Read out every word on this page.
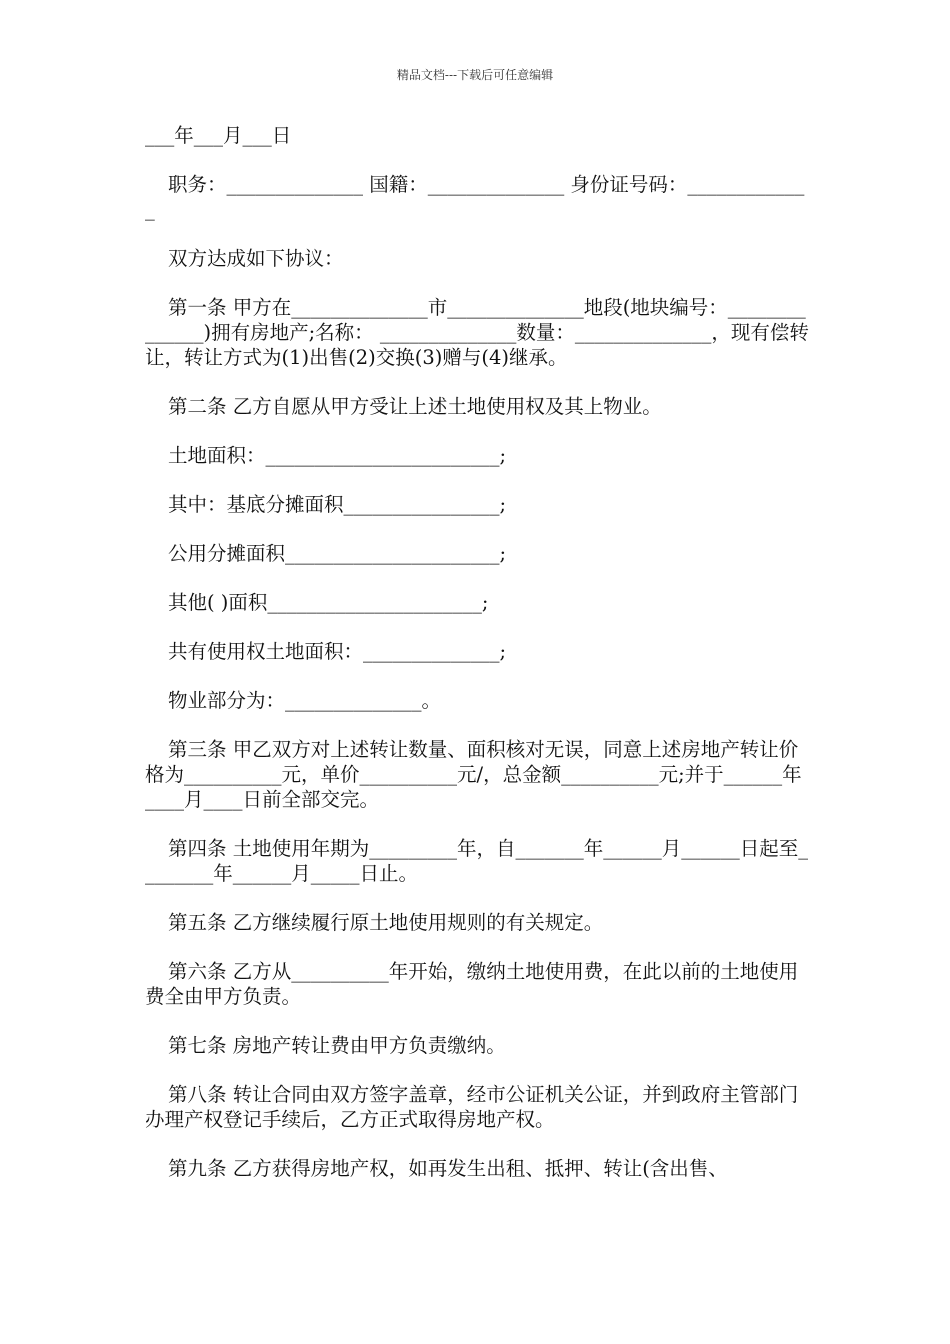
精品文档---下载后可任意编辑

___年___月___日

职务：______________ 国籍：______________ 身份证号码：_____________

双方达成如下协议：

第一条 甲方在______________市______________地段(地块编号：______________)拥有房地产;名称： ______________数量：______________，现有偿转让，转让方式为(1)出售(2)交换(3)赠与(4)继承。

第二条 乙方自愿从甲方受让上述土地使用权及其上物业。

土地面积：________________________;

其中：基底分摊面积________________;

公用分摊面积______________________;

其他( )面积______________________;

共有使用权土地面积：______________;

物业部分为：______________。

第三条 甲乙双方对上述转让数量、面积核对无误，同意上述房地产转让价格为__________元，单价__________元/，总金额__________元;并于______年____月____日前全部交完。

第四条 土地使用年期为_________年，自_______年______月______日起至________年______月_____日止。

第五条 乙方继续履行原土地使用规则的有关规定。

第六条 乙方从__________年开始，缴纳土地使用费，在此以前的土地使用费全由甲方负责。

第七条 房地产转让费由甲方负责缴纳。

第八条 转让合同由双方签字盖章，经市公证机关公证，并到政府主管部门办理产权登记手续后，乙方正式取得房地产权。

第九条 乙方获得房地产权，如再发生出租、抵押、转让(含出售、
